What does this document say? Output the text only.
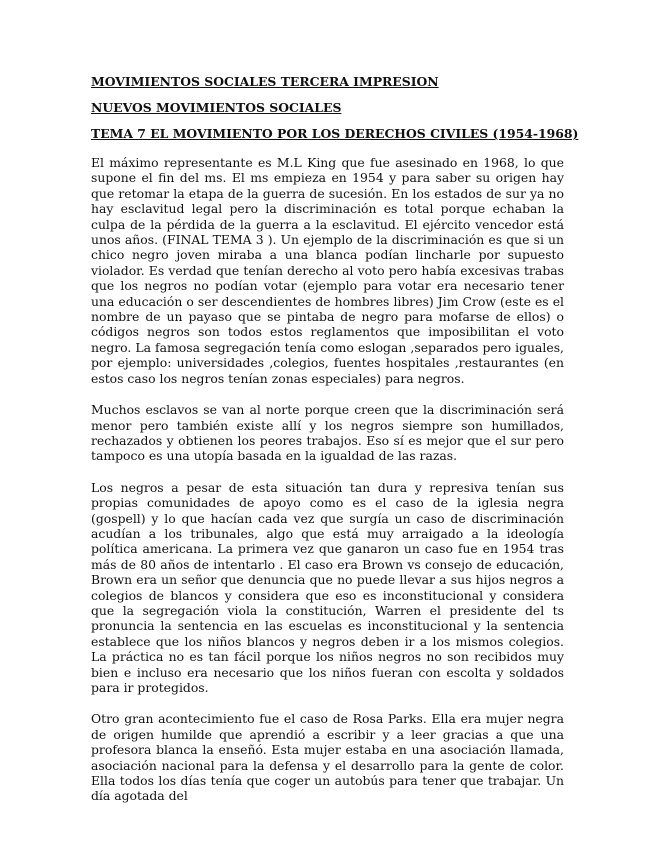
MOVIMIENTOS SOCIALES TERCERA IMPRESION
NUEVOS MOVIMIENTOS SOCIALES
TEMA 7 EL MOVIMIENTO POR LOS DERECHOS CIVILES (1954-1968)

El máximo representante es M.L King que fue asesinado en 1968, lo que supone el fin del ms. El ms empieza en 1954 y para saber su origen hay que retomar la etapa de la guerra de sucesión. En los estados de sur ya no hay esclavitud legal pero la discriminación es total porque echaban la culpa de la pérdida de la guerra a la esclavitud. El ejército vencedor está unos años. (FINAL TEMA 3 ). Un ejemplo de la discriminación es que si un chico negro joven miraba a una blanca podían lincharle por supuesto violador. Es verdad que tenían derecho al voto pero había excesivas trabas que los negros no podían votar (ejemplo para votar era necesario tener una educación o ser descendientes de hombres libres) Jim Crow (este es el nombre de un payaso que se pintaba de negro para mofarse de ellos) o códigos negros son todos estos reglamentos que imposibilitan el voto negro. La famosa segregación tenía como eslogan ,separados pero iguales, por ejemplo: universidades ,colegios, fuentes hospitales ,restaurantes (en estos caso los negros tenían zonas especiales) para negros.

Muchos esclavos se van al norte porque creen que la discriminación será menor pero también existe allí y los negros siempre son humillados, rechazados y obtienen los peores trabajos. Eso sí es mejor que el sur pero tampoco es una utopía basada en la igualdad de las razas.

Los negros a pesar de esta situación tan dura y represiva tenían sus propias comunidades de apoyo como es el caso de la iglesia negra (gospell) y lo que hacían cada vez que surgía un caso de discriminación acudían a los tribunales, algo que está muy arraigado a la ideología política americana. La primera vez que ganaron un caso fue en 1954 tras más de 80 años de intentarlo . El caso era Brown vs consejo de educación, Brown era un señor que denuncia que no puede llevar a sus hijos negros a colegios de blancos y considera que eso es inconstitucional y considera que la segregación viola la constitución, Warren el presidente del ts pronuncia la sentencia en las escuelas es inconstitucional y la sentencia establece que los niños blancos y negros deben ir a los mismos colegios. La práctica no es tan fácil porque los niños negros no son recibidos muy bien e incluso era necesario que los niños fueran con escolta y soldados para ir protegidos.

Otro gran acontecimiento fue el caso de Rosa Parks. Ella era mujer negra de origen humilde que aprendió a escribir y a leer gracias a que una profesora blanca la enseñó. Esta mujer estaba en una asociación llamada, asociación nacional para la defensa y el desarrollo para la gente de color. Ella todos los días tenía que coger un autobús para tener que trabajar. Un día agotada del
